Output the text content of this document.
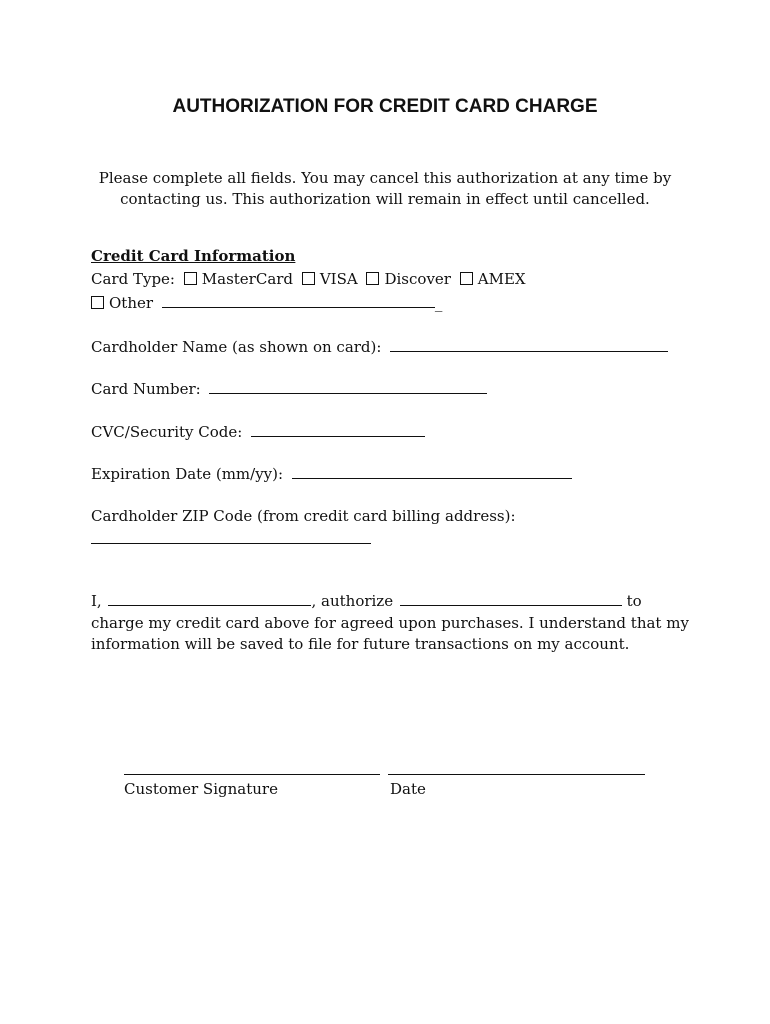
AUTHORIZATION FOR CREDIT CARD CHARGE
Please complete all fields. You may cancel this authorization at any time by contacting us. This authorization will remain in effect until cancelled.
Credit Card Information
Card Type: MasterCard VISA Discover AMEX
Other	_
Cardholder Name (as shown on card):
Card Number:
CVC/Security Code:
Expiration Date (mm/yy):
Cardholder ZIP Code (from credit card billing address):
I,	, authorize	to charge my credit card above for agreed upon purchases. I understand that my information will be saved to file for future transactions on my account.
Customer Signature	Date
